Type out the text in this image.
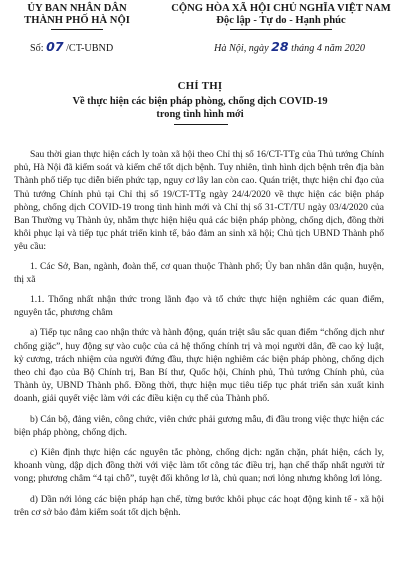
ỦY BAN NHÂN DÂN
THÀNH PHỐ HÀ NỘI
CỘNG HÒA XÃ HỘI CHỦ NGHĨA VIỆT NAM
Độc lập - Tự do - Hạnh phúc
Số: 07 /CT-UBND	Hà Nội, ngày 28 tháng 4 năm 2020
CHỈ THỊ
Về thực hiện các biện pháp phòng, chống dịch COVID-19
trong tình hình mới

Sau thời gian thực hiện cách ly toàn xã hội theo Chỉ thị số 16/CT-TTg của Thủ tướng Chính phủ, Hà Nội đã kiểm soát và kiểm chế tốt dịch bệnh. Tuy nhiên, tình hình dịch bệnh trên địa bàn Thành phố tiếp tục diễn biến phức tạp, nguy cơ lây lan còn cao. Quán triệt, thực hiện chỉ đạo của Thủ tướng Chính phủ tại Chỉ thị số 19/CT-TTg ngày 24/4/2020 về thực hiện các biện pháp phòng, chống dịch COVID-19 trong tình hình mới và Chỉ thị số 31-CT/TU ngày 03/4/2020 của Ban Thường vụ Thành ủy, nhằm thực hiện hiệu quả các biện pháp phòng, chống dịch, đồng thời khôi phục lại và tiếp tục phát triển kinh tế, bảo đảm an sinh xã hội; Chủ tịch UBND Thành phố yêu cầu:

1. Các Sở, Ban, ngành, đoàn thể, cơ quan thuộc Thành phố; Ủy ban nhân dân quận, huyện, thị xã

1.1. Thống nhất nhận thức trong lãnh đạo và tổ chức thực hiện nghiêm các quan điểm, nguyên tắc, phương châm

a) Tiếp tục nâng cao nhận thức và hành động, quán triệt sâu sắc quan điểm “chống dịch như chống giặc”, huy động sự vào cuộc của cả hệ thống chính trị và mọi người dân, đề cao kỷ luật, kỷ cương, trách nhiệm của người đứng đầu, thực hiện nghiêm các biện pháp phòng, chống dịch theo chỉ đạo của Bộ Chính trị, Ban Bí thư, Quốc hội, Chính phủ, Thủ tướng Chính phủ, của Thành ủy, UBND Thành phố. Đồng thời, thực hiện mục tiêu tiếp tục phát triển sản xuất kinh doanh, giải quyết việc làm với các điều kiện cụ thể của Thành phố.

b) Cán bộ, đảng viên, công chức, viên chức phải gương mẫu, đi đầu trong việc thực hiện các biện pháp phòng, chống dịch.

c) Kiên định thực hiện các nguyên tắc phòng, chống dịch: ngăn chặn, phát hiện, cách ly, khoanh vùng, dập dịch đồng thời với việc làm tốt công tác điều trị, hạn chế thấp nhất người tử vong; phương châm “4 tại chỗ”, tuyệt đối không lơ là, chủ quan; nơi lỏng nhưng không lơi lỏng.

d) Dần nới lỏng các biện pháp hạn chế, từng bước khôi phục các hoạt động kinh tế - xã hội trên cơ sở bảo đảm kiểm soát tốt dịch bệnh.
